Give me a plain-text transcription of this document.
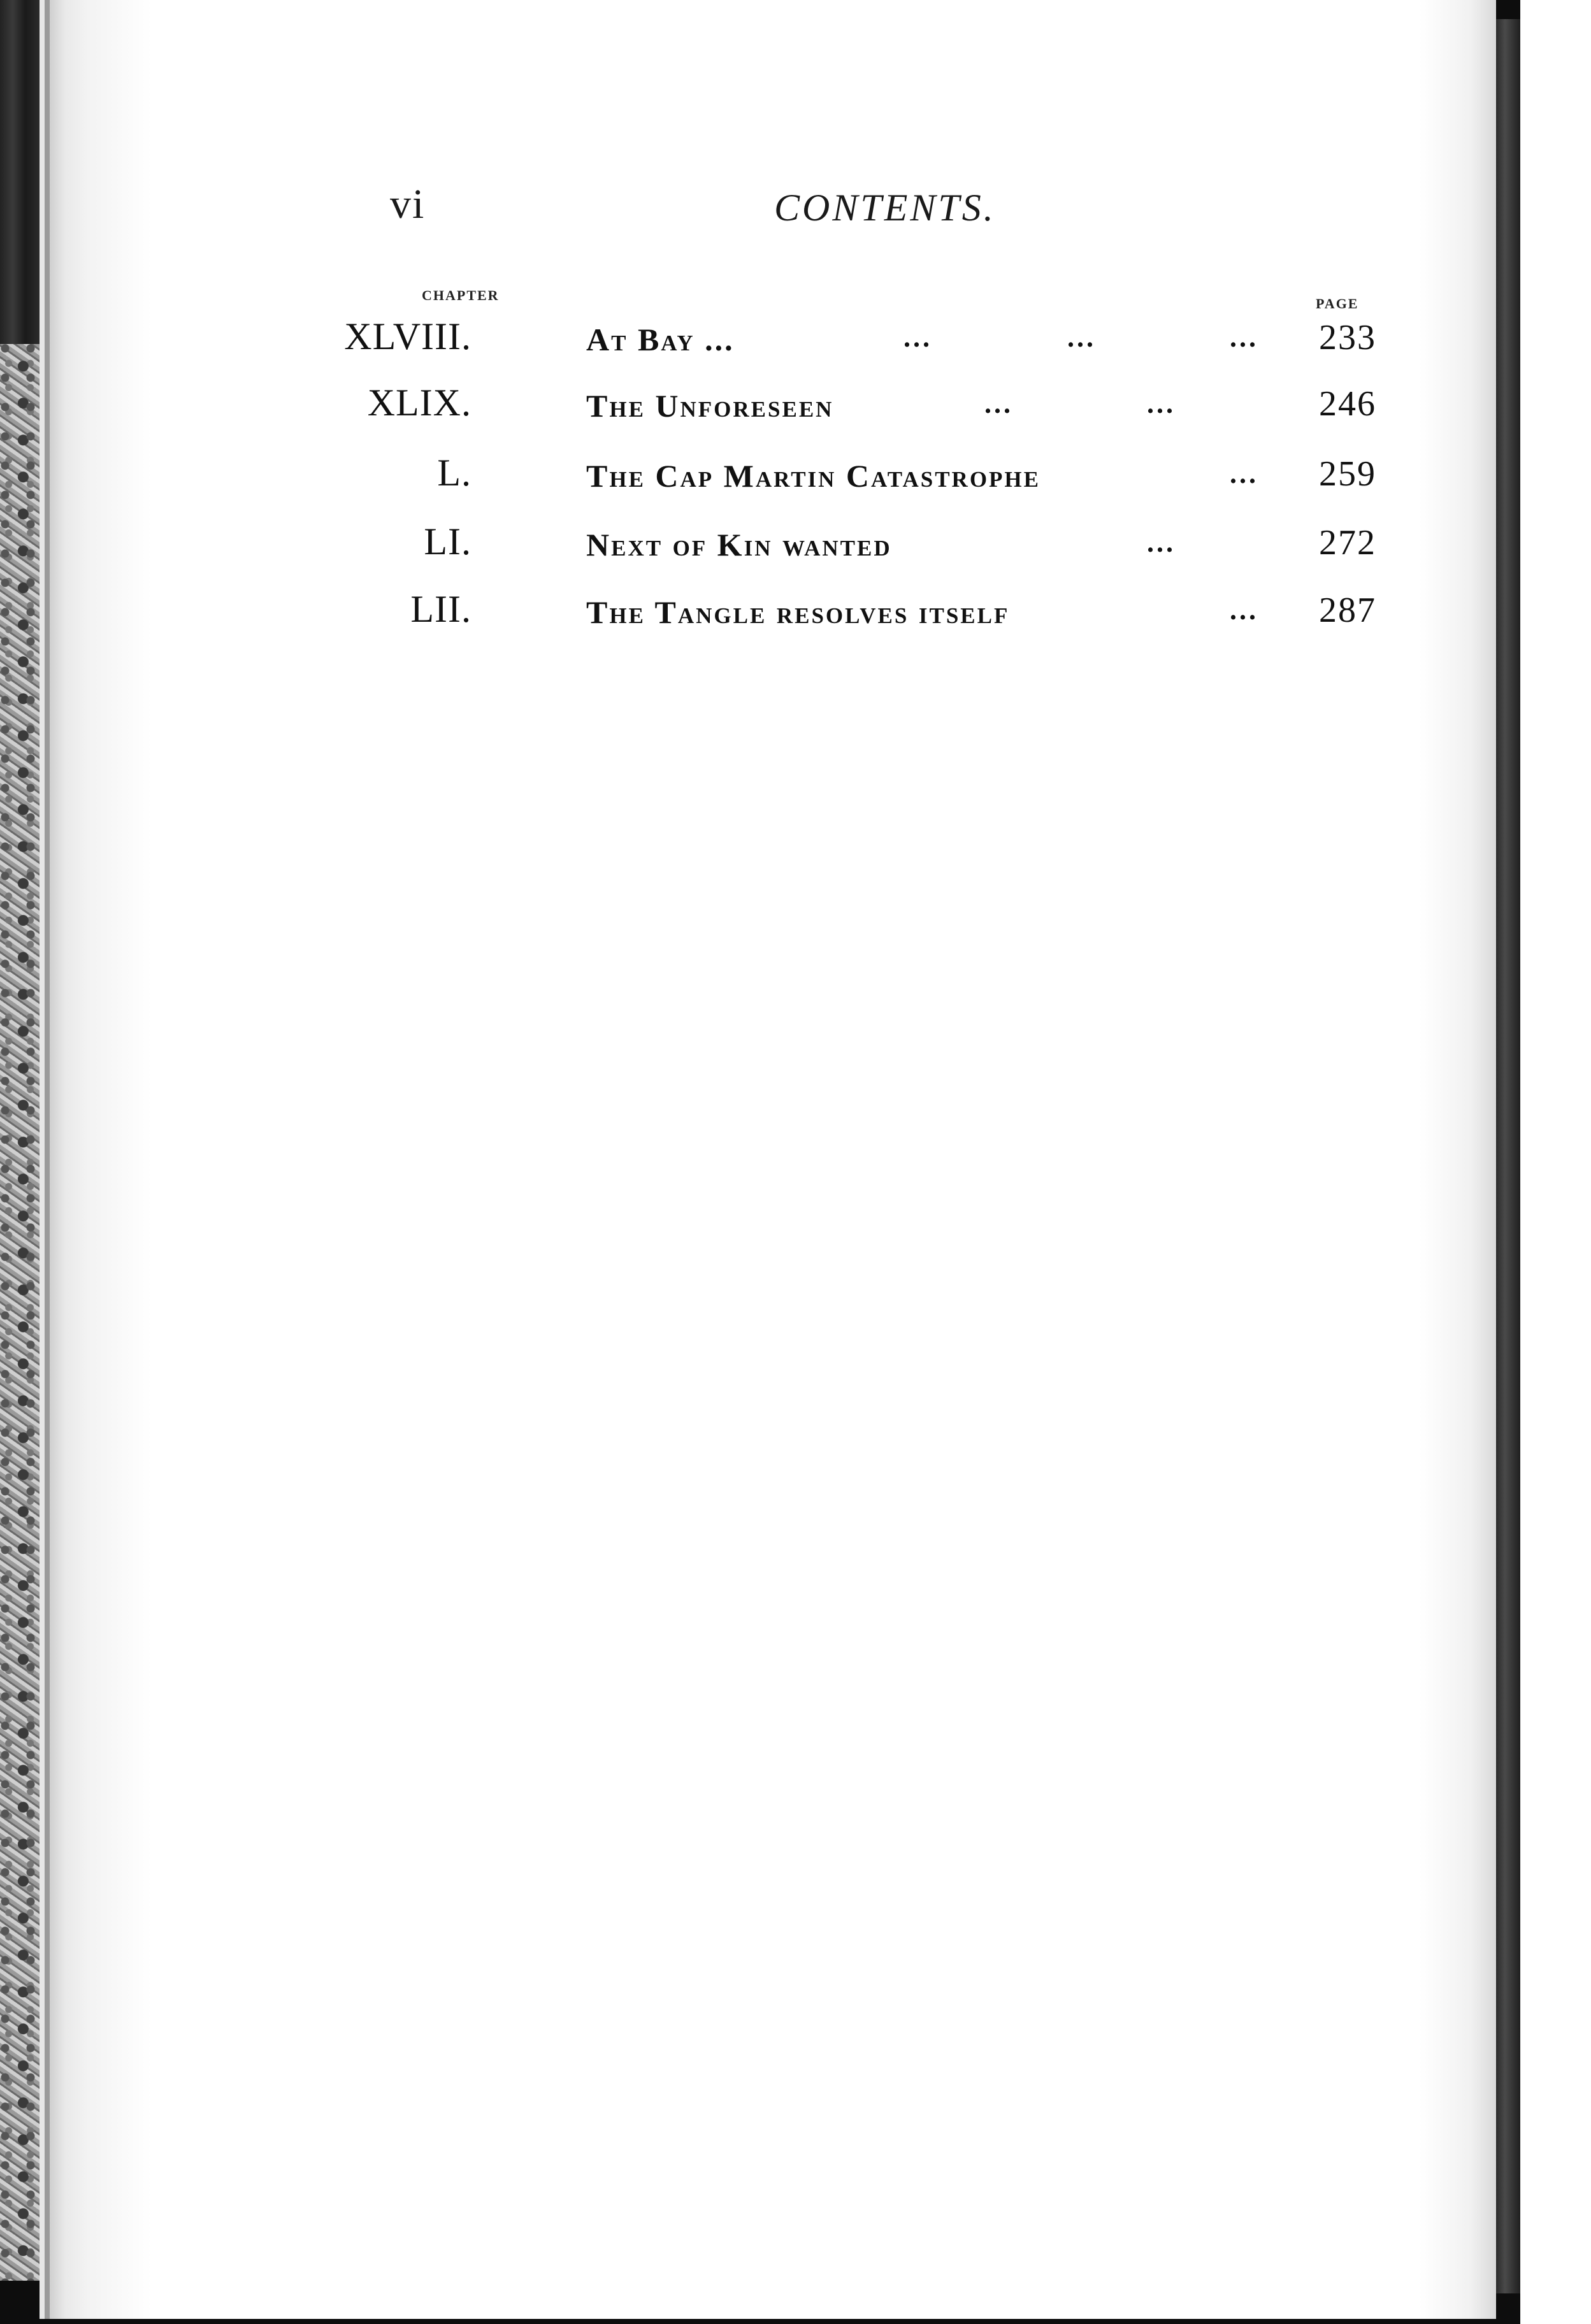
vi	CONTENTS.
CHAPTER
PAGE
XLVIII.	At Bay ...	...	...	... 233
XLIX.	The Unforeseen	...	...	246
L.	The Cap Martin Catastrophe	... 259
LI.	Next of Kin wanted	...	272
LII.	The Tangle resolves itself	... 287
